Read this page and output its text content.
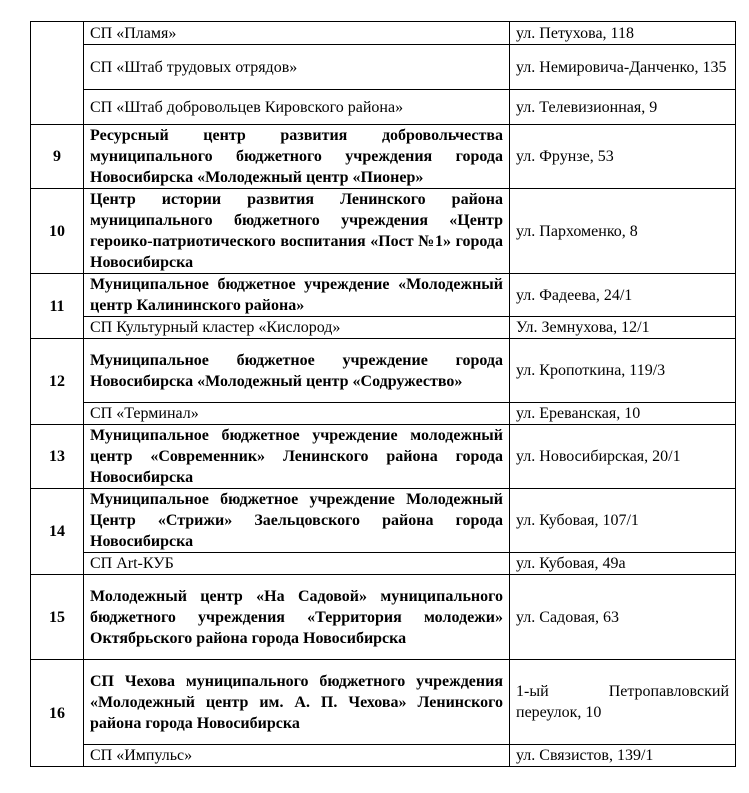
	СП «Пламя»	ул. Петухова, 118
	СП «Штаб трудовых отрядов»	ул. Немировича-Данченко, 135
	СП «Штаб добровольцев Кировского района»	ул. Телевизионная, 9
9	Ресурсный центр развития добровольчества муниципального бюджетного учреждения города Новосибирска «Молодежный центр «Пионер»	ул. Фрунзе, 53
10	Центр истории развития Ленинского района муниципального бюджетного учреждения «Центр героико-патриотического воспитания «Пост №1» города Новосибирска	ул. Пархоменко, 8
11	Муниципальное бюджетное учреждение «Молодежный центр Калининского района»	ул. Фадеева, 24/1
	СП Культурный кластер «Кислород»	Ул. Земнухова, 12/1
12	Муниципальное бюджетное учреждение города Новосибирска «Молодежный центр «Содружество»	ул. Кропоткина, 119/3
	СП «Терминал»	ул. Ереванская, 10
13	Муниципальное бюджетное учреждение молодежный центр «Современник» Ленинского района города Новосибирска	ул. Новосибирская, 20/1
14	Муниципальное бюджетное учреждение Молодежный Центр «Стрижи» Заельцовского района города Новосибирска	ул. Кубовая, 107/1
	СП Art-КУБ	ул. Кубовая, 49а
15	Молодежный центр «На Садовой» муниципального бюджетного учреждения «Территория молодежи» Октябрьского района города Новосибирска	ул. Садовая, 63
16	СП Чехова муниципального бюджетного учреждения «Молодежный центр им. А. П. Чехова» Ленинского района города Новосибирска	1-ый Петропавловский переулок, 10
	СП «Импульс»	ул. Связистов, 139/1
